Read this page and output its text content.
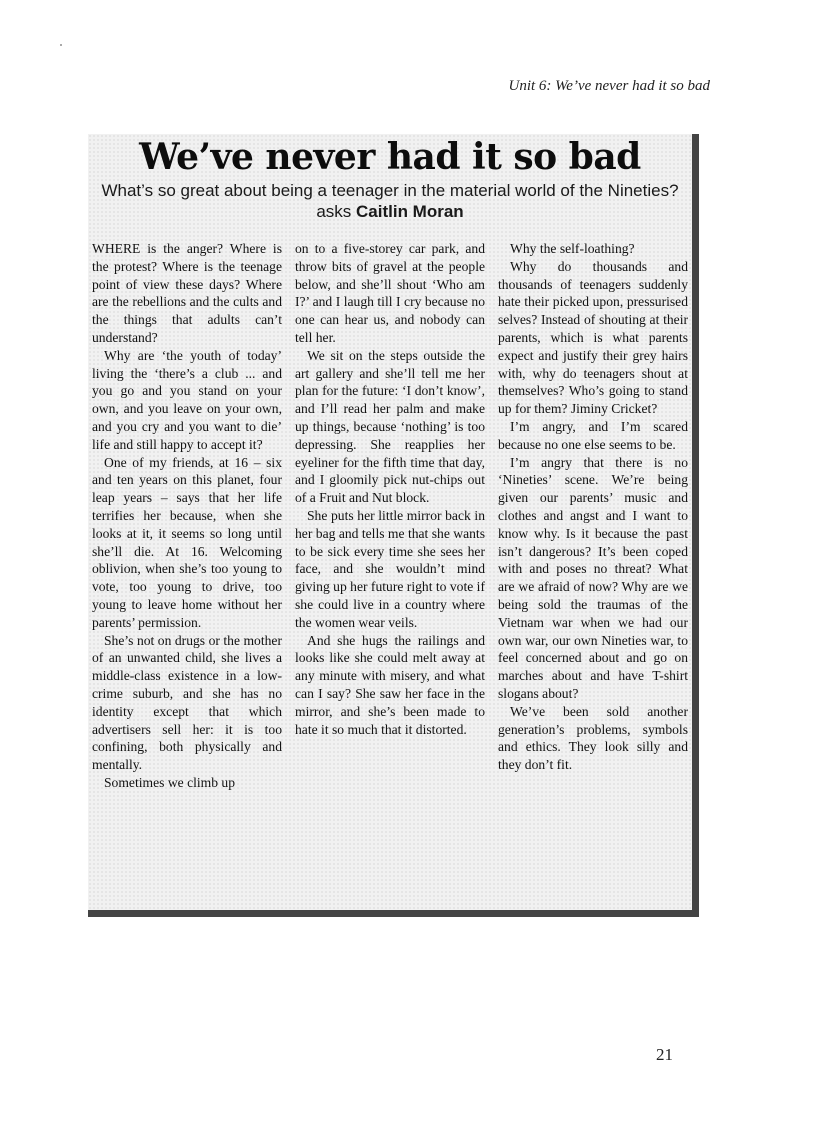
Unit 6: We’ve never had it so bad
We’ve never had it so bad

What’s so great about being a teenager in the material world of the Nineties? asks Caitlin Moran

WHERE is the anger? Where is the protest? Where is the teenage point of view these days? Where are the rebellions and the cults and the things that adults can’t understand?

Why are ‘the youth of today’ living the ‘there’s a club ... and you go and you stand on your own, and you leave on your own, and you cry and you want to die’ life and still happy to accept it?

One of my friends, at 16 – six and ten years on this planet, four leap years – says that her life terrifies her because, when she looks at it, it seems so long until she’ll die. At 16. Welcoming oblivion, when she’s too young to vote, too young to drive, too young to leave home without her parents’ permission.

She’s not on drugs or the mother of an unwanted child, she lives a middle-class existence in a low-crime suburb, and she has no identity except that which advertisers sell her: it is too confining, both physically and mentally.

Sometimes we climb up

on to a five-storey car park, and throw bits of gravel at the people below, and she’ll shout ‘Who am I?’ and I laugh till I cry because no one can hear us, and nobody can tell her.

We sit on the steps outside the art gallery and she’ll tell me her plan for the future: ‘I don’t know’, and I’ll read her palm and make up things, because ‘nothing’ is too depressing. She reapplies her eyeliner for the fifth time that day, and I gloomily pick nut-chips out of a Fruit and Nut block.

She puts her little mirror back in her bag and tells me that she wants to be sick every time she sees her face, and she wouldn’t mind giving up her future right to vote if she could live in a country where the women wear veils.

And she hugs the railings and looks like she could melt away at any minute with misery, and what can I say? She saw her face in the mirror, and she’s been made to hate it so much that it distorted.

Why the self-loathing?

Why do thousands and thousands of teenagers suddenly hate their picked upon, pressurised selves? Instead of shouting at their parents, which is what parents expect and justify their grey hairs with, why do teenagers shout at themselves? Who’s going to stand up for them? Jiminy Cricket?

I’m angry, and I’m scared because no one else seems to be.

I’m angry that there is no ‘Nineties’ scene. We’re being given our parents’ music and clothes and angst and I want to know why. Is it because the past isn’t dangerous? It’s been coped with and poses no threat? What are we afraid of now? Why are we being sold the traumas of the Vietnam war when we had our own war, our own Nineties war, to feel concerned about and go on marches about and have T-shirt slogans about?

We’ve been sold another generation’s problems, symbols and ethics. They look silly and they don’t fit.

21
